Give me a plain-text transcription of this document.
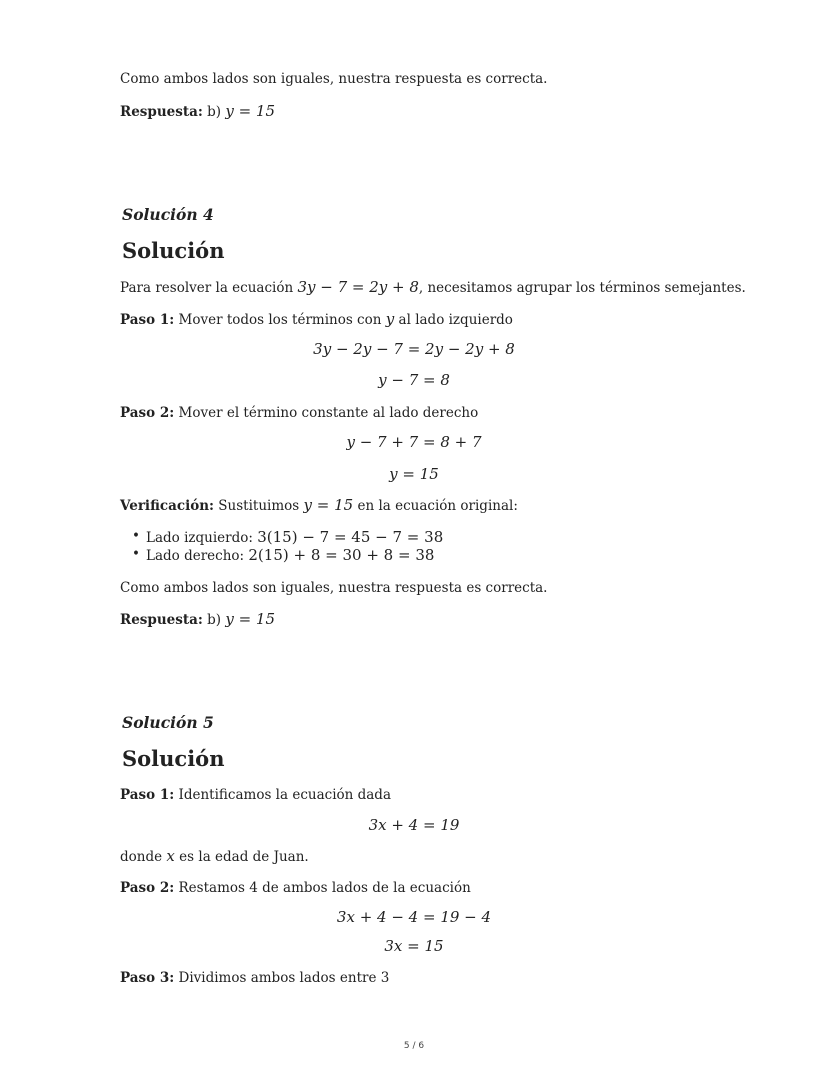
Como ambos lados son iguales, nuestra respuesta es correcta.
Respuesta: b) y = 15
Solución 4
Solución
Para resolver la ecuación 3y − 7 = 2y + 8, necesitamos agrupar los términos semejantes.
Paso 1: Mover todos los términos con y al lado izquierdo
3y − 2y − 7 = 2y − 2y + 8
y − 7 = 8
Paso 2: Mover el término constante al lado derecho
y − 7 + 7 = 8 + 7
y = 15
Verificación: Sustituimos y = 15 en la ecuación original:
• Lado izquierdo: 3(15) − 7 = 45 − 7 = 38
• Lado derecho: 2(15) + 8 = 30 + 8 = 38
Como ambos lados son iguales, nuestra respuesta es correcta.
Respuesta: b) y = 15
Solución 5
Solución
Paso 1: Identificamos la ecuación dada
3x + 4 = 19
donde x es la edad de Juan.
Paso 2: Restamos 4 de ambos lados de la ecuación
3x + 4 − 4 = 19 − 4
3x = 15
Paso 3: Dividimos ambos lados entre 3
5 / 6
